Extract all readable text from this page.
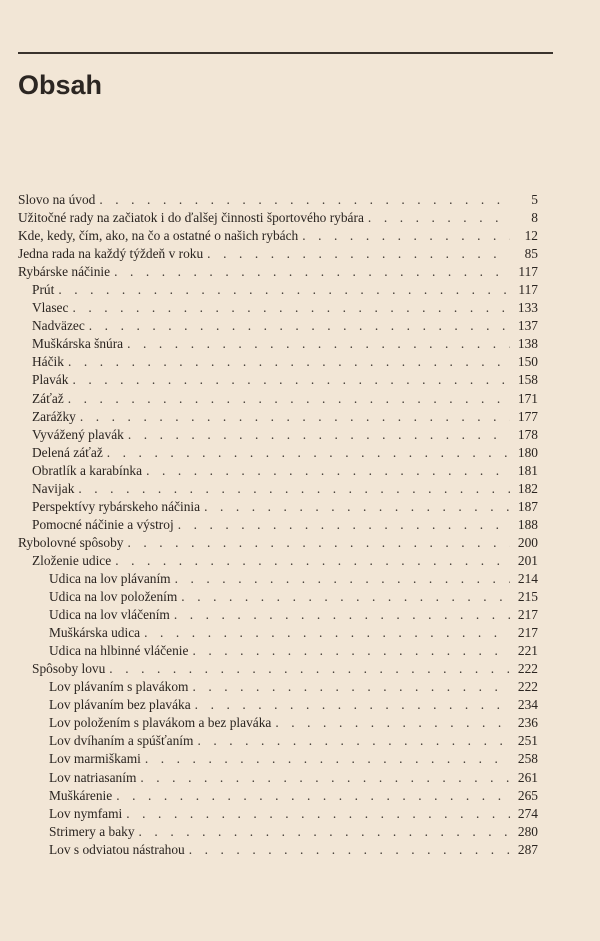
Obsah
Slovo na úvod . . .	5
Užitočné rady na začiatok i do ďalšej činnosti športového rybára . . .	8
Kde, kedy, čím, ako, na čo a ostatné o našich rybách . . .	12
Jedna rada na každý týždeň v roku . . .	85
Rybárske náčinie . . .	117
Prút . . .	117
Vlasec . . .	133
Nadväzec . . .	137
Muškárska šnúra . . .	138
Háčik . . .	150
Plavák . . .	158
Záťaž . . .	171
Zarážky . . .	177
Vyvážený plavák . . .	178
Delená záťaž . . .	180
Obratlík a karabínka . . .	181
Navijak . . .	182
Perspektívy rybárskeho náčinia . . .	187
Pomocné náčinie a výstroj . . .	188
Rybolovné spôsoby . . .	200
Zloženie udice . . .	201
Udica na lov plávaním . . .	214
Udica na lov položením . . .	215
Udica na lov vláčením . . .	217
Muškárska udica . . .	217
Udica na hlbinné vláčenie . . .	221
Spôsoby lovu . . .	222
Lov plávaním s plavákom . . .	222
Lov plávaním bez plaváka . . .	234
Lov položením s plavákom a bez plaváka . . .	236
Lov dvíhaním a spúšťaním . . .	251
Lov marmiškami . . .	258
Lov natriasaním . . .	261
Muškárenie . . .	265
Lov nymfami . . .	274
Strimery a baky . . .	280
Lov s odviatou nástrahou . . .	287
